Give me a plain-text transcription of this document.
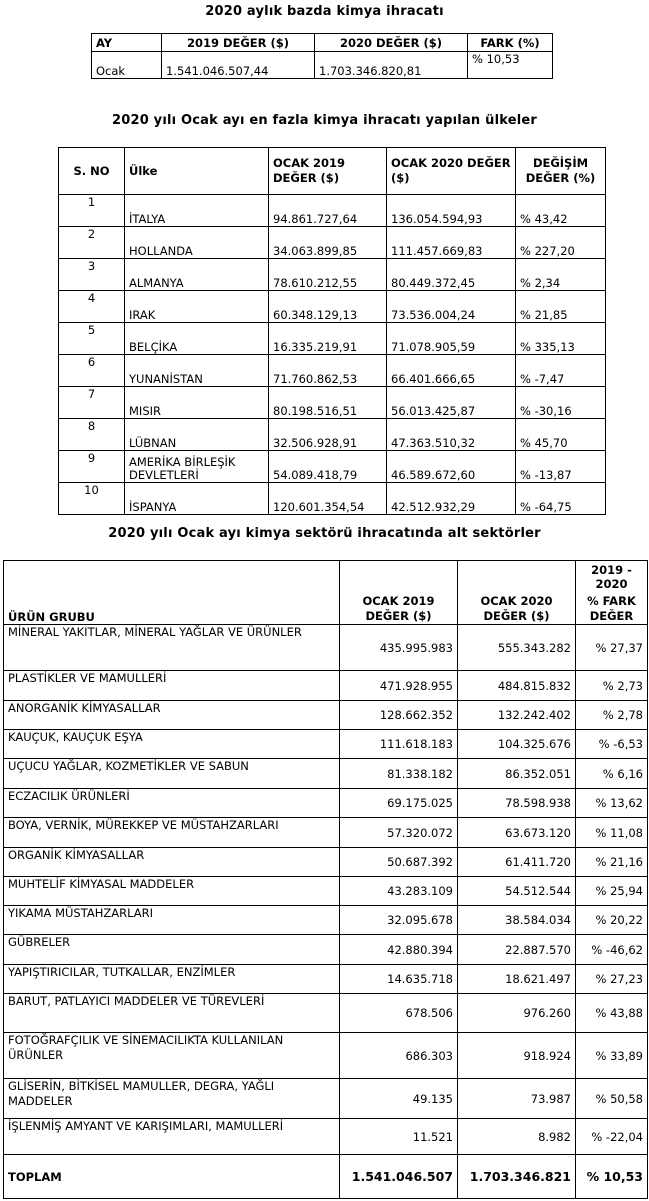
2020 aylık bazda kimya ihracatı
AY	2019 DEĞER ($)	2020 DEĞER ($)	FARK (%)
Ocak	1.541.046.507,44	1.703.346.820,81	% 10,53
2020 yılı Ocak ayı en fazla kimya ihracatı yapılan ülkeler
S. NO	Ülke	OCAK 2019 DEĞER ($)	OCAK 2020 DEĞER ($)	DEĞİŞİM DEĞER (%)
1	İTALYA	94.861.727,64	136.054.594,93	% 43,42
2	HOLLANDA	34.063.899,85	111.457.669,83	% 227,20
3	ALMANYA	78.610.212,55	80.449.372,45	% 2,34
4	IRAK	60.348.129,13	73.536.004,24	% 21,85
5	BELÇİKA	16.335.219,91	71.078.905,59	% 335,13
6	YUNANİSTAN	71.760.862,53	66.401.666,65	% -7,47
7	MISIR	80.198.516,51	56.013.425,87	% -30,16
8	LÜBNAN	32.506.928,91	47.363.510,32	% 45,70
9	AMERİKA BİRLEŞİK DEVLETLERİ	54.089.418,79	46.589.672,60	% -13,87
10	İSPANYA	120.601.354,54	42.512.932,29	% -64,75
2020 yılı Ocak ayı kimya sektörü ihracatında alt sektörler
			2019 - 2020
ÜRÜN GRUBU	OCAK 2019 DEĞER ($)	OCAK 2020 DEĞER ($)	% FARK DEĞER
MİNERAL YAKITLAR, MİNERAL YAĞLAR VE ÜRÜNLER	435.995.983	555.343.282	% 27,37
PLASTİKLER VE MAMULLERİ	471.928.955	484.815.832	% 2,73
ANORGANİK KİMYASALLAR	128.662.352	132.242.402	% 2,78
KAUÇUK, KAUÇUK EŞYA	111.618.183	104.325.676	% -6,53
UÇUCU YAĞLAR, KOZMETİKLER VE SABUN	81.338.182	86.352.051	% 6,16
ECZACILIK ÜRÜNLERİ	69.175.025	78.598.938	% 13,62
BOYA, VERNİK, MÜREKKEP VE MÜSTAHZARLARI	57.320.072	63.673.120	% 11,08
ORGANİK KİMYASALLAR	50.687.392	61.411.720	% 21,16
MUHTELİF KİMYASAL MADDELER	43.283.109	54.512.544	% 25,94
YIKAMA MÜSTAHZARLARI	32.095.678	38.584.034	% 20,22
GÜBRELER	42.880.394	22.887.570	% -46,62
YAPIŞTIRICILAR, TUTKALLAR, ENZİMLER	14.635.718	18.621.497	% 27,23
BARUT, PATLAYICI MADDELER VE TÜREVLERİ	678.506	976.260	% 43,88
FOTOĞRAFÇILIK VE SİNEMACILIKTA KULLANILAN ÜRÜNLER	686.303	918.924	% 33,89
GLİSERİN, BİTKİSEL MAMULLER, DEGRA, YAĞLI MADDELER	49.135	73.987	% 50,58
İŞLENMİŞ AMYANT VE KARIŞIMLARI, MAMULLERİ	11.521	8.982	% -22,04
TOPLAM	1.541.046.507	1.703.346.821	% 10,53
